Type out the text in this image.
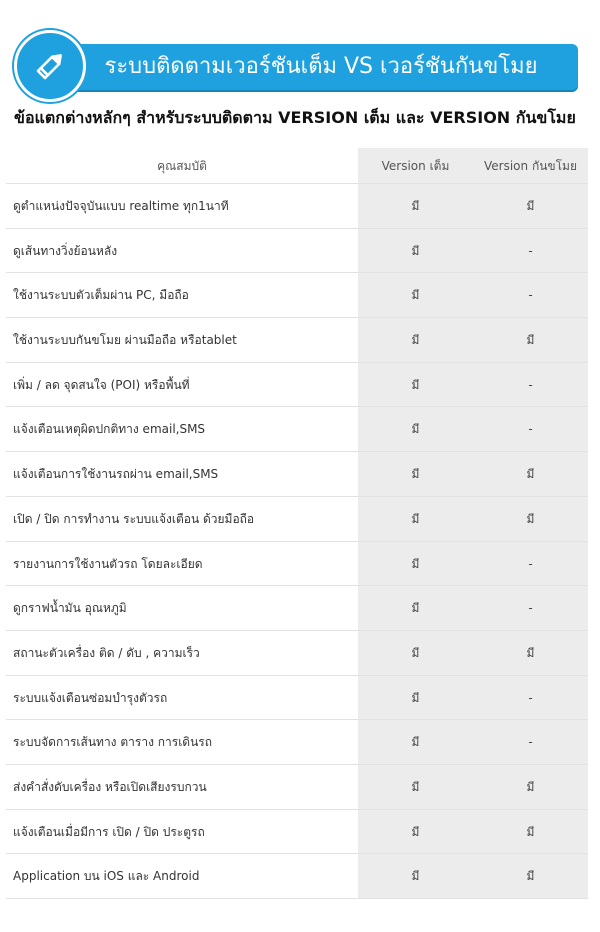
ระบบติดตามเวอร์ชันเต็ม VS เวอร์ชันกันขโมย
ข้อแตกต่างหลักๆ สำหรับระบบติดตาม VERSION เต็ม และ VERSION กันขโมย
คุณสมบัติ	Version เต็ม	Version กันขโมย
ดูตำแหน่งปัจจุบันแบบ realtime ทุก1นาที	มี	มี
ดูเส้นทางวิ่งย้อนหลัง	มี	-
ใช้งานระบบตัวเต็มผ่าน PC, มือถือ	มี	-
ใช้งานระบบกันขโมย ผ่านมือถือ หรือtablet	มี	มี
เพิ่ม / ลด จุดสนใจ (POI) หรือพื้นที่	มี	-
แจ้งเตือนเหตุผิดปกติทาง email,SMS	มี	-
แจ้งเตือนการใช้งานรถผ่าน email,SMS	มี	มี
เปิด / ปิด การทำงาน ระบบแจ้งเตือน ด้วยมือถือ	มี	มี
รายงานการใช้งานตัวรถ โดยละเอียด	มี	-
ดูกราฟน้ำมัน อุณหภูมิ	มี	-
สถานะตัวเครื่อง ติด / ดับ , ความเร็ว	มี	มี
ระบบแจ้งเตือนซ่อมบำรุงตัวรถ	มี	-
ระบบจัดการเส้นทาง ตาราง การเดินรถ	มี	-
ส่งคำสั่งดับเครื่อง หรือเปิดเสียงรบกวน	มี	มี
แจ้งเตือนเมื่อมีการ เปิด / ปิด ประตูรถ	มี	มี
Application บน iOS และ Android	มี	มี
